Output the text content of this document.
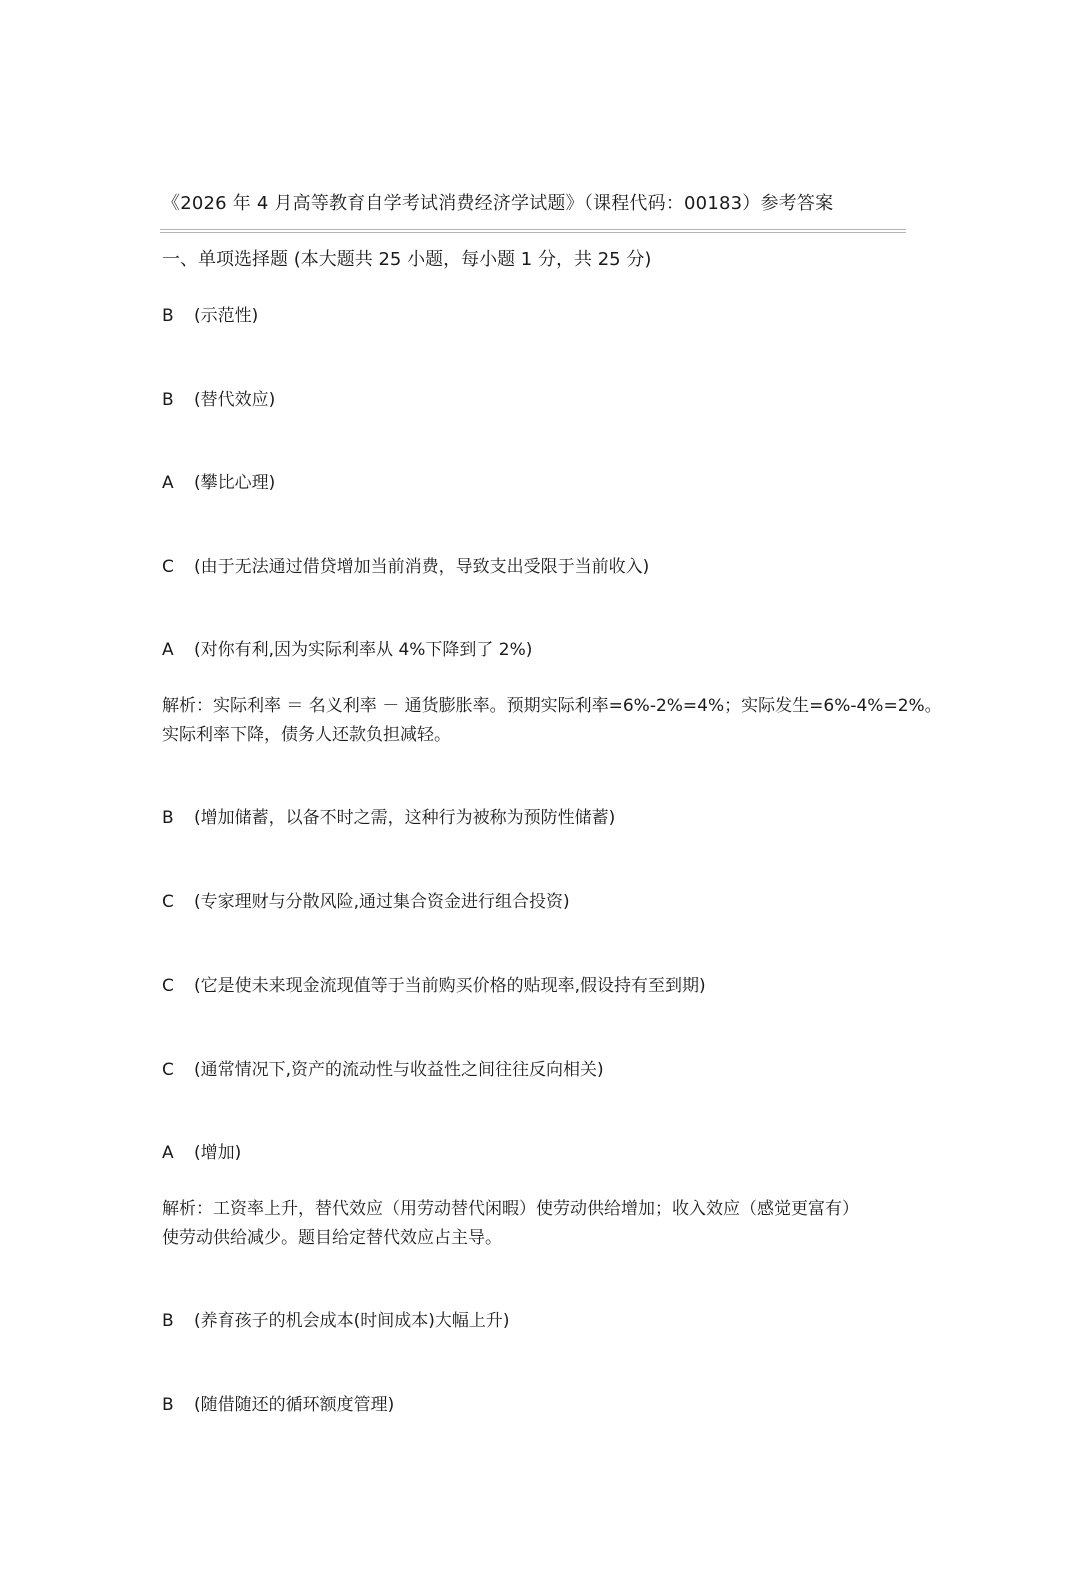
《2026 年 4 月高等教育自学考试消费经济学试题》（课程代码：00183）参考答案
一、单项选择题 (本大题共 25 小题，每小题 1 分，共 25 分)
B (示范性)
B (替代效应)
A (攀比心理)
C (由于无法通过借贷增加当前消费，导致支出受限于当前收入)
A (对你有利,因为实际利率从 4%下降到了 2%)

解析：实际利率 ＝ 名义利率 － 通货膨胀率。预期实际利率=6%-2%=4%；实际发生=6%-4%=2%。

实际利率下降，债务人还款负担减轻。

B (增加储蓄，以备不时之需，这种行为被称为预防性储蓄)
C (专家理财与分散风险,通过集合资金进行组合投资)
C (它是使未来现金流现值等于当前购买价格的贴现率,假设持有至到期)
C (通常情况下,资产的流动性与收益性之间往往反向相关)
A (增加)

解析：工资率上升，替代效应（用劳动替代闲暇）使劳动供给增加；收入效应（感觉更富有）

使劳动供给减少。题目给定替代效应占主导。

B (养育孩子的机会成本(时间成本)大幅上升)
B (随借随还的循环额度管理)
